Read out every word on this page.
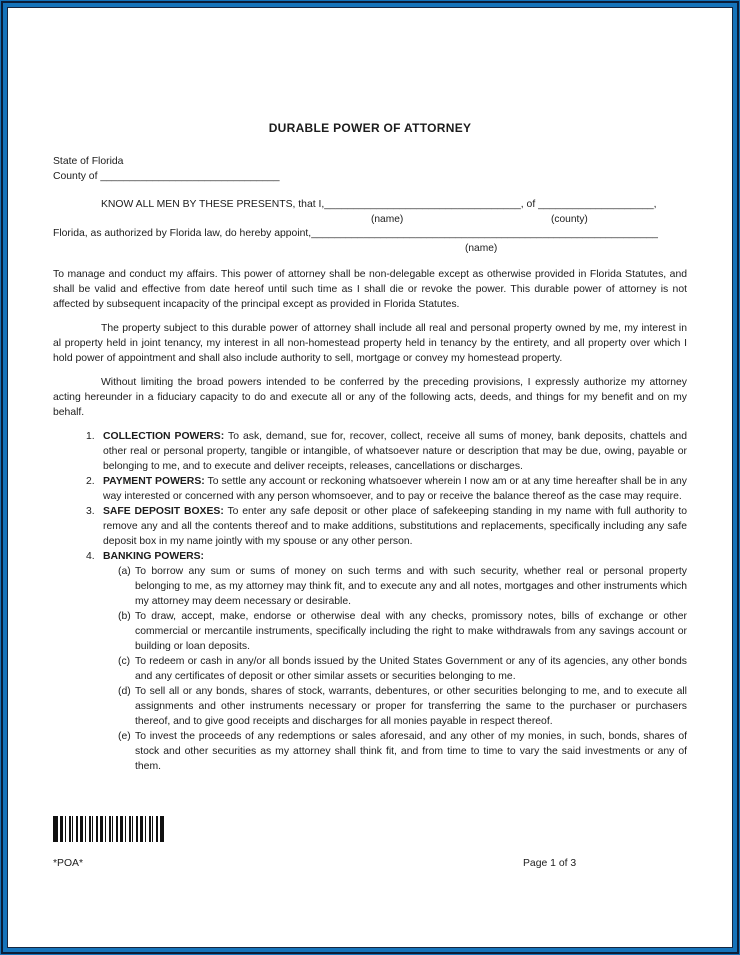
DURABLE POWER OF ATTORNEY
State of Florida
County of _______________________________
KNOW ALL MEN BY THESE PRESENTS, that I,__________________________________, of ____________________,
(name)	(county)
Florida, as authorized by Florida law, do hereby appoint,____________________________________________________________
(name)

To manage and conduct my affairs. This power of attorney shall be non-delegable except as otherwise provided in Florida Statutes, and shall be valid and effective from date hereof until such time as I shall die or revoke the power. This durable power of attorney is not affected by subsequent incapacity of the principal except as provided in Florida Statutes.

The property subject to this durable power of attorney shall include all real and personal property owned by me, my interest in al property held in joint tenancy, my interest in all non-homestead property held in tenancy by the entirety, and all property over which I hold power of appointment and shall also include authority to sell, mortgage or convey my homestead property.

Without limiting the broad powers intended to be conferred by the preceding provisions, I expressly authorize my attorney acting hereunder in a fiduciary capacity to do and execute all or any of the following acts, deeds, and things for my benefit and on my behalf.

1. COLLECTION POWERS: To ask, demand, sue for, recover, collect, receive all sums of money, bank deposits, chattels and other real or personal property, tangible or intangible, of whatsoever nature or description that may be due, owing, payable or belonging to me, and to execute and deliver receipts, releases, cancellations or discharges.
2. PAYMENT POWERS: To settle any account or reckoning whatsoever wherein I now am or at any time hereafter shall be in any way interested or concerned with any person whomsoever, and to pay or receive the balance thereof as the case may require.
3. SAFE DEPOSIT BOXES: To enter any safe deposit or other place of safekeeping standing in my name with full authority to remove any and all the contents thereof and to make additions, substitutions and replacements, specifically including any safe deposit box in my name jointly with my spouse or any other person.
4. BANKING POWERS:
(a) To borrow any sum or sums of money on such terms and with such security, whether real or personal property belonging to me, as my attorney may think fit, and to execute any and all notes, mortgages and other instruments which my attorney may deem necessary or desirable.
(b) To draw, accept, make, endorse or otherwise deal with any checks, promissory notes, bills of exchange or other commercial or mercantile instruments, specifically including the right to make withdrawals from any savings account or building or loan deposits.
(c) To redeem or cash in any/or all bonds issued by the United States Government or any of its agencies, any other bonds and any certificates of deposit or other similar assets or securities belonging to me.
(d) To sell all or any bonds, shares of stock, warrants, debentures, or other securities belonging to me, and to execute all assignments and other instruments necessary or proper for transferring the same to the purchaser or purchasers thereof, and to give good receipts and discharges for all monies payable in respect thereof.
(e) To invest the proceeds of any redemptions or sales aforesaid, and any other of my monies, in such, bonds, shares of stock and other securities as my attorney shall think fit, and from time to time to vary the said investments or any of them.
*POA*	Page 1 of 3
